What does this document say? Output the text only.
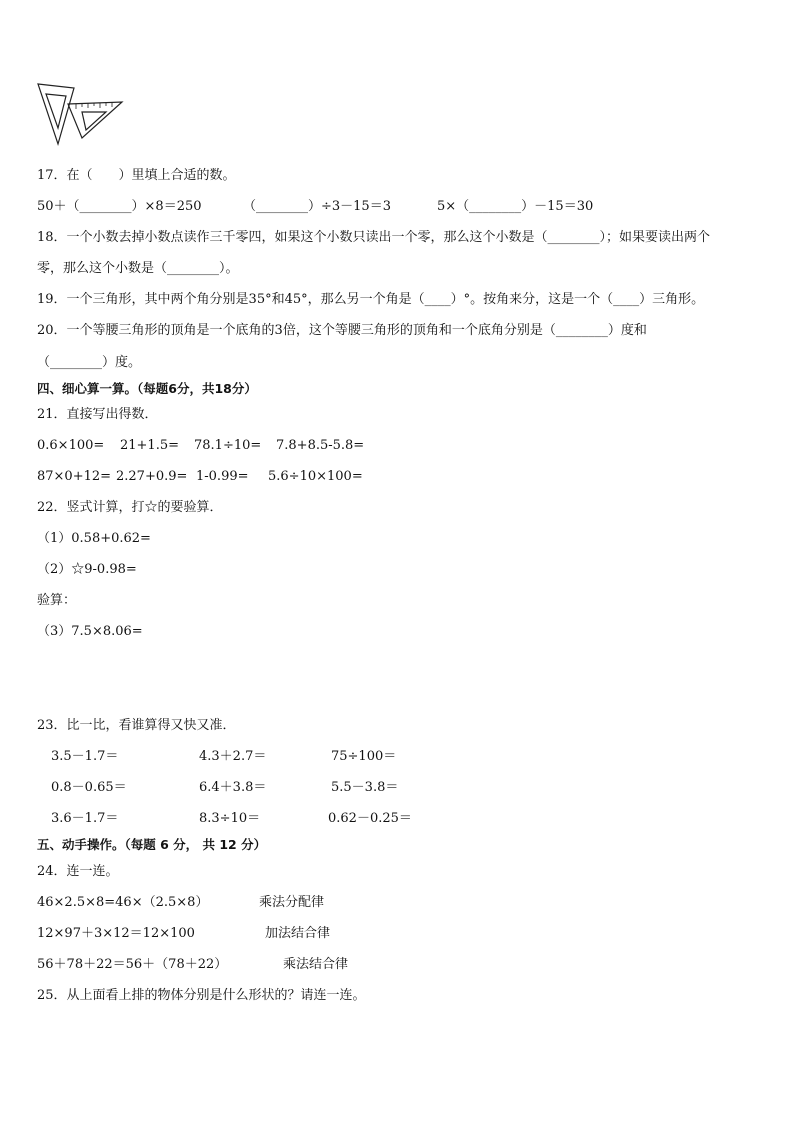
17．在（　　）里填上合适的数。
50＋（________）×8＝250	（________）÷3－15＝3	5×（________）－15＝30
18．一个小数去掉小数点读作三千零四，如果这个小数只读出一个零，那么这个小数是（________）；如果要读出两个
零，那么这个小数是（________）。
19．一个三角形，其中两个角分别是35°和45°，那么另一个角是（____）°。按角来分，这是一个（____）三角形。
20．一个等腰三角形的顶角是一个底角的3倍，这个等腰三角形的顶角和一个底角分别是（________）度和
（________）度。
四、细心算一算。（每题6分，共18分）
21．直接写出得数．
0.6×100= 21+1.5= 78.1÷10= 7.8+8.5-5.8=
87×0+12= 2.27+0.9= 1-0.99= 5.6÷10×100=
22．竖式计算，打☆的要验算．
（1）0.58+0.62=
（2）☆9-0.98=
验算：
（3）7.5×8.06=
23．比一比，看谁算得又快又准．
3.5－1.7＝	4.3＋2.7＝	75÷100＝
0.8－0.65＝	6.4＋3.8＝	5.5－3.8＝
3.6－1.7＝	8.3÷10＝	0.62－0.25＝
五、动手操作。（每题 6 分， 共 12 分）
24．连一连。
46×2.5×8=46×（2.5×8）	乘法分配律
12×97＋3×12＝12×100	加法结合律
56＋78＋22＝56＋（78＋22）	乘法结合律
25．从上面看上排的物体分别是什么形状的？请连一连。
